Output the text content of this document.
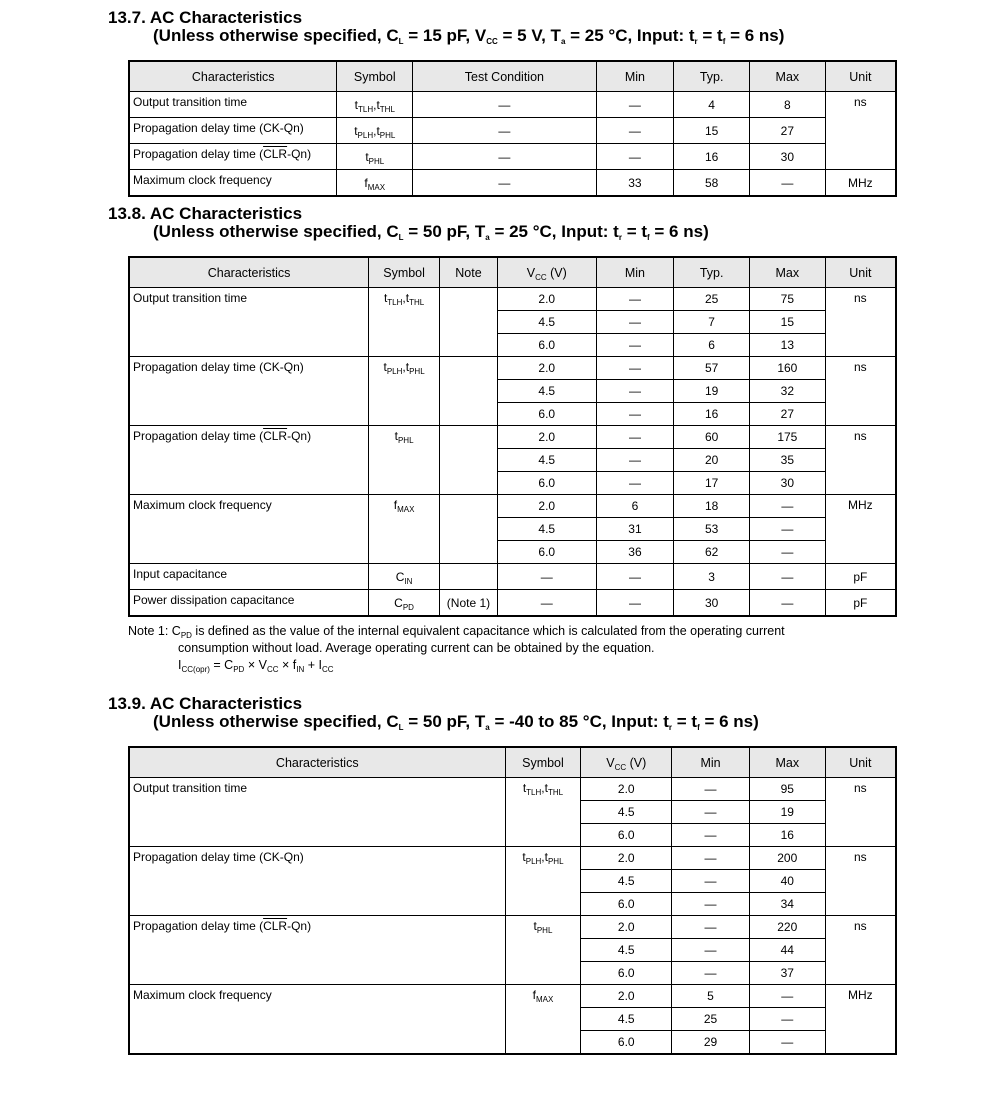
13.7. AC Characteristics
(Unless otherwise specified, $C_L = 15$ pF, $V_{CC} = 5$ V, $T_a = 25$ °C, Input: $t_r = t_f = 6$ ns)
Characteristics	Symbol	Test Condition	Min	Typ.	Max	Unit
Output transition time	$t_{TLH},t_{THL}$	—	—	4	8	ns
Propagation delay time (CK-Qn)	$t_{PLH},t_{PHL}$	—	—	15	27	
Propagation delay time $(\overline{CLR}-Qn)$	$t_{PHL}$	—	—	16	30	
Maximum clock frequency	$f_{MAX}$	—	33	58	—	MHz
13.8. AC Characteristics
(Unless otherwise specified, $C_L = 50$ pF, $T_a = 25$ °C, Input: $t_r = t_f = 6$ ns)
Characteristics	Symbol	Note	$V_{CC}$ (V)	Min	Typ.	Max	Unit
Output transition time	$t_{TLH},t_{THL}$		2.0	—	25	75	ns
			4.5	—	7	15	
			6.0	—	6	13	
Propagation delay time (CK-Qn)	$t_{PLH},t_{PHL}$		2.0	—	57	160	ns
			4.5	—	19	32	
			6.0	—	16	27	
Propagation delay time $(\overline{CLR}-Qn)$	$t_{PHL}$		2.0	—	60	175	ns
			4.5	—	20	35	
			6.0	—	17	30	
Maximum clock frequency	$f_{MAX}$		2.0	6	18	—	MHz
			4.5	31	53	—	
			6.0	36	62	—	
Input capacitance	$C_{IN}$		—	—	3	—	pF
Power dissipation capacitance	$C_{PD}$	(Note 1)	—	—	30	—	pF
Note 1: $C_{PD}$ is defined as the value of the internal equivalent capacitance which is calculated from the operating current
consumption without load. Average operating current can be obtained by the equation.
$I_{CC(opr)} = C_{PD} \times V_{CC} \times f_{IN} + I_{CC}$
13.9. AC Characteristics
(Unless otherwise specified, $C_L = 50$ pF, $T_a = -40$ to 85 °C, Input: $t_r = t_f = 6$ ns)
Characteristics	Symbol	$V_{CC}$ (V)	Min	Max	Unit
Output transition time	$t_{TLH},t_{THL}$	2.0	—	95	ns
		4.5	—	19	
		6.0	—	16	
Propagation delay time (CK-Qn)	$t_{PLH},t_{PHL}$	2.0	—	200	ns
		4.5	—	40	
		6.0	—	34	
Propagation delay time $(\overline{CLR}-Qn)$	$t_{PHL}$	2.0	—	220	ns
		4.5	—	44	
		6.0	—	37	
Maximum clock frequency	$f_{MAX}$	2.0	5	—	MHz
		4.5	25	—	
		6.0	29	—	
